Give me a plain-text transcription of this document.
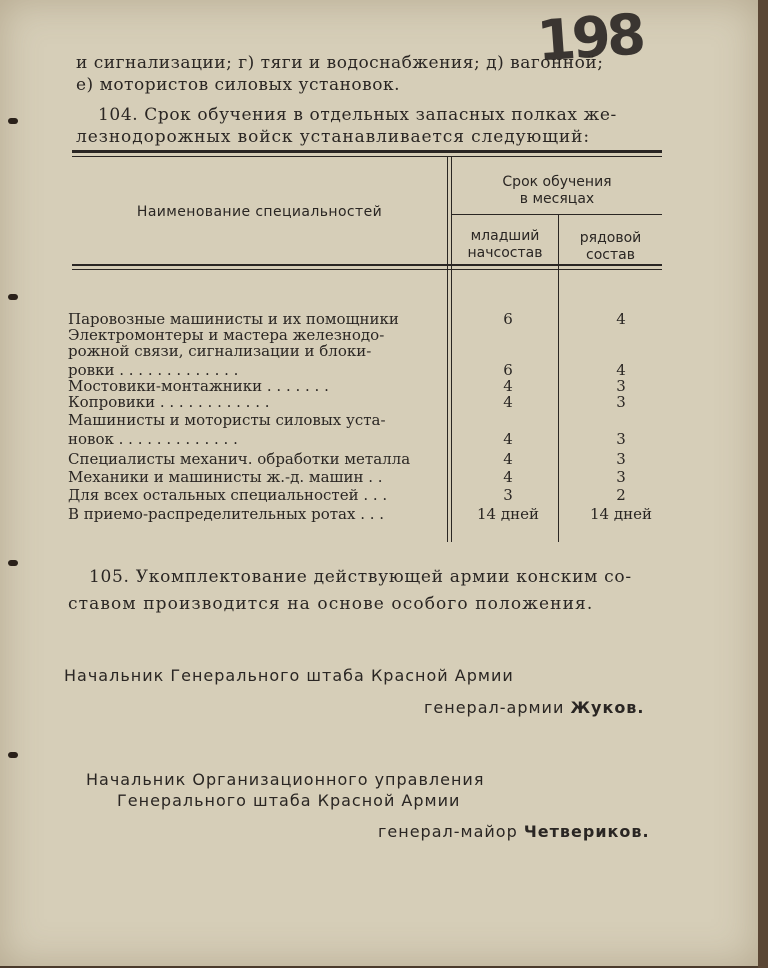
198
и сигнализации; г) тяги и водоснабжения; д) вагонной;
е) мотористов силовых установок.
104. Срок обучения в отдельных запасных полках же-
лезнодорожных войск устанавливается следующий:
Наименование специальностей
Срок обучения
в месяцах
младший
начсостав
рядовой
состав
Паровозные машинисты и их помощники	6	4
Электромонтеры и мастера железнодо-
рожной связи, сигнализации и блоки-
ровки . . . . . . . . . . . . .	6	4
Мостовики-монтажники . . . . . . .	4	3
Копровики . . . . . . . . . . . .	4	3
Машинисты и мотористы силовых уста-
новок . . . . . . . . . . . . .	4	3
Специалисты механич. обработки металла	4	3
Механики и машинисты ж.-д. машин . .	4	3
Для всех остальных специальностей . . .	3	2
В приемо-распределительных ротах . . .	14 дней	14 дней
105. Укомплектование действующей армии конским со-
ставом производится на основе особого положения.
Начальник Генерального штаба Красной Армии
генерал-армии Жуков.
Начальник Организационного управления
Генерального штаба Красной Армии
генерал-майор Четвериков.
